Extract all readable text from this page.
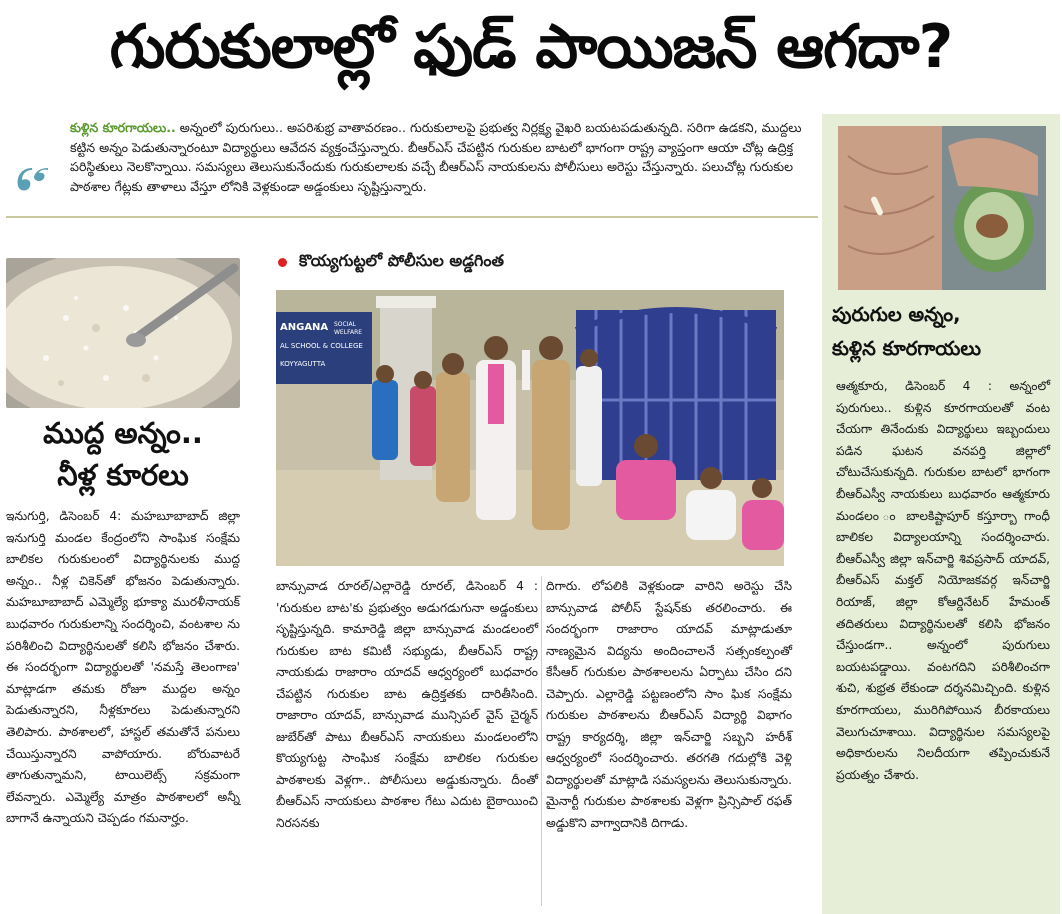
గురుకులాల్లో ఫుడ్‌ పాయిజన్‌ ఆగదా?

కుళ్లిన కూరగాయలు.. అన్నంలో పురుగులు.. అపరిశుభ్ర వాతావరణం.. గురుకులాలపై ప్రభుత్వ నిర్లక్ష్య వైఖరి బయటపడుతున్నది. సరిగా ఉడకని, ముద్దలు కట్టిన అన్నం పెడుతున్నారంటూ విద్యార్థులు ఆవేదన వ్యక్తంచేస్తున్నారు. బీఆర్‌ఎస్‌ చేపట్టిన గురుకుల బాటలో భాగంగా రాష్ట్ర వ్యాప్తంగా ఆయా చోట్ల ఉద్రిక్త పరిస్థితులు నెలకొన్నాయి. సమస్యలు తెలుసుకునేందుకు గురుకులాలకు వచ్చే బీఆర్‌ఎస్‌ నాయకులను పోలీసులు అరెస్టు చేస్తున్నారు. పలుచోట్ల గురుకుల పాఠశాల గేట్లకు తాళాలు వేస్తూ లోనికి వెళ్లకుండా అడ్డంకులు సృష్టిస్తున్నారు.

ముద్ద అన్నం..
నీళ్ల కూరలు

ఇనుగుర్తి, డిసెంబర్‌ 4: మహబూబాబాద్‌ జిల్లా ఇనుగుర్తి మండల కేంద్రంలోని సాంఘిక సంక్షేమ బాలికల గురుకులంలో విద్యార్థినులకు ముద్ద అన్నం.. నీళ్ల చికెన్‌తో భోజనం పెడుతున్నారు. మహబూబాబాద్‌ ఎమ్మెల్యే భూక్యా మురళీనాయక్‌ బుధవారం గురుకులాన్ని సందర్శించి, వంటశాల ను పరిశీలించి విద్యార్థినులతో కలిసి భోజనం చేశారు. ఈ సందర్భంగా విద్యార్థులతో 'నమస్తే తెలంగాణ' మాట్లాడగా తమకు రోజూ ముద్దల అన్నం పెడుతున్నారని, నీళ్లకూరలు పెడుతున్నారని తెలిపారు. పాఠశాలలో, హాస్టల్‌ తమతోనే పనులు చేయిస్తున్నారని వాపోయారు. బోరువాటరే తాగుతున్నామని, టాయిలెట్స్‌ సక్రమంగా లేవన్నారు. ఎమ్మెల్యే మాత్రం పాఠశాలలో అన్నీ బాగానే ఉన్నాయని చెప్పడం గమనార్హం.

కొయ్యగుట్టలో పోలీసుల అడ్డగింత
ANGANA SOCIAL
WELFARE
AL SCHOOL & COLLEGE
KOYYAGUTTA

బాన్సువాడ రూరల్‌/ఎల్లారెడ్డి రూరల్‌, డిసెంబర్‌ 4 : 'గురుకుల బాట'కు ప్రభుత్వం అడుగడుగునా అడ్డంకులు సృష్టిస్తున్నది. కామారెడ్డి జిల్లా బాన్సువాడ మండలంలో గురుకుల బాట కమిటీ సభ్యుడు, బీఆర్‌ఎస్‌ రాష్ట్ర నాయకుడు రాజారాం యాదవ్‌ ఆధ్వర్యంలో బుధవారం చేపట్టిన గురుకుల బాట ఉద్రిక్తతకు దారితీసింది. రాజారాం యాదవ్‌, బాన్సువాడ మున్సిపల్‌ వైస్‌ చైర్మన్‌ జుబేర్‌తో పాటు బీఆర్‌ఎస్‌ నాయకులు మండలంలోని కొయ్యగుట్ట సాంఘిక సంక్షేమ బాలికల గురుకుల పాఠశాలకు వెళ్లగా.. పోలీసులు అడ్డుకున్నారు. దీంతో బీఆర్‌ఎస్‌ నాయకులు పాఠశాల గేటు ఎదుట బైఠాయించి నిరసనకు

దిగారు. లోపలికి వెళ్లకుండా వారిని అరెస్టు చేసి బాన్సువాడ పోలీస్‌ స్టేషన్‌కు తరలించారు. ఈ సందర్భంగా రాజారాం యాదవ్‌ మాట్లాడుతూ నాణ్యమైన విద్యను అందించాలనే సత్సంకల్పంతో కేసీఆర్‌ గురుకుల పాఠశాలలను ఏర్పాటు చేసిం దని చెప్పారు. ఎల్లారెడ్డి పట్టణంలోని సాం ఘిక సంక్షేమ గురుకుల పాఠశాలను బీఆర్‌ఎస్‌ విద్యార్థి విభాగం రాష్ట్ర కార్యదర్శి, జిల్లా ఇన్‌చార్జి సబ్బని హరీశ్‌ ఆధ్వర్యంలో సందర్శించారు. తరగతి గదుల్లోకి వెళ్లి విద్యార్థులతో మాట్లాడి సమస్యలను తెలుసుకున్నారు. మైనార్టీ గురుకుల పాఠశాలకు వెళ్లగా ప్రిన్సిపాల్‌ రఫత్‌ అడ్డుకొని వాగ్వాదానికి దిగాడు.

పురుగుల అన్నం,
కుళ్లిన కూరగాయలు

ఆత్మకూరు, డిసెంబర్‌ 4 : అన్నంలో పురుగులు.. కుళ్లిన కూరగాయలతో వంట చేయగా తినేందుకు విద్యార్థులు ఇబ్బందులు పడిన ఘటన వనపర్తి జిల్లాలో చోటుచేసుకున్నది. గురుకుల బాటలో భాగంగా బీఆర్‌ఎస్వీ నాయకులు బుధవారం ఆత్మకూరు మండలం ం బాలకిష్టాపూర్‌ కస్తూర్బా గాంధీ బాలికల విద్యాలయాన్ని సందర్శించారు. బీఆర్‌ఎస్వీ జిల్లా ఇన్‌చార్జి శివప్రసాద్‌ యాదవ్‌, బీఆర్‌ఎస్‌ మక్తల్‌ నియోజకవర్గ ఇన్‌చార్జి రియాజ్‌, జిల్లా కోఆర్డినేటర్‌ హేమంత్‌ తదితరులు విద్యార్థినులతో కలిసి భోజనం చేస్తుండగా.. అన్నంలో పురుగులు బయటపడ్డాయి. వంటగదిని పరిశీలించగా శుచి, శుభ్రత లేకుండా దర్శనమిచ్చింది. కుళ్లిన కూరగాయలు, మురిగిపోయిన బీరకాయలు వెలుగుచూశాయి. విద్యార్థినుల సమస్యలపై అధికారులను నిలదీయగా తప్పించుకునే ప్రయత్నం చేశారు.
